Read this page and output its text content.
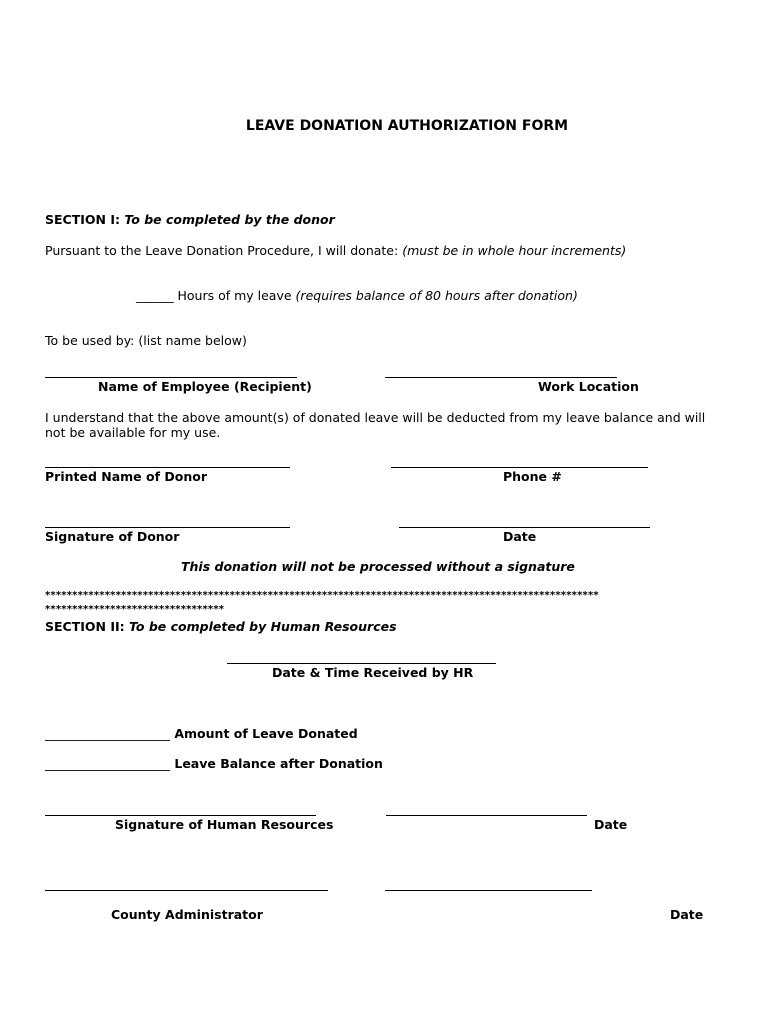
LEAVE DONATION AUTHORIZATION FORM
SECTION I: To be completed by the donor
Pursuant to the Leave Donation Procedure, I will donate: (must be in whole hour increments)
______ Hours of my leave (requires balance of 80 hours after donation)
To be used by: (list name below)
Name of Employee (Recipient)	Work Location
I understand that the above amount(s) of donated leave will be deducted from my leave balance and will not be available for my use.
Printed Name of Donor	Phone #
Signature of Donor	Date
This donation will not be processed without a signature
******************************************************************************************************
*********************************
SECTION II: To be completed by Human Resources
Date & Time Received by HR
____________________ Amount of Leave Donated
____________________ Leave Balance after Donation
Signature of Human Resources	Date
County Administrator	Date
